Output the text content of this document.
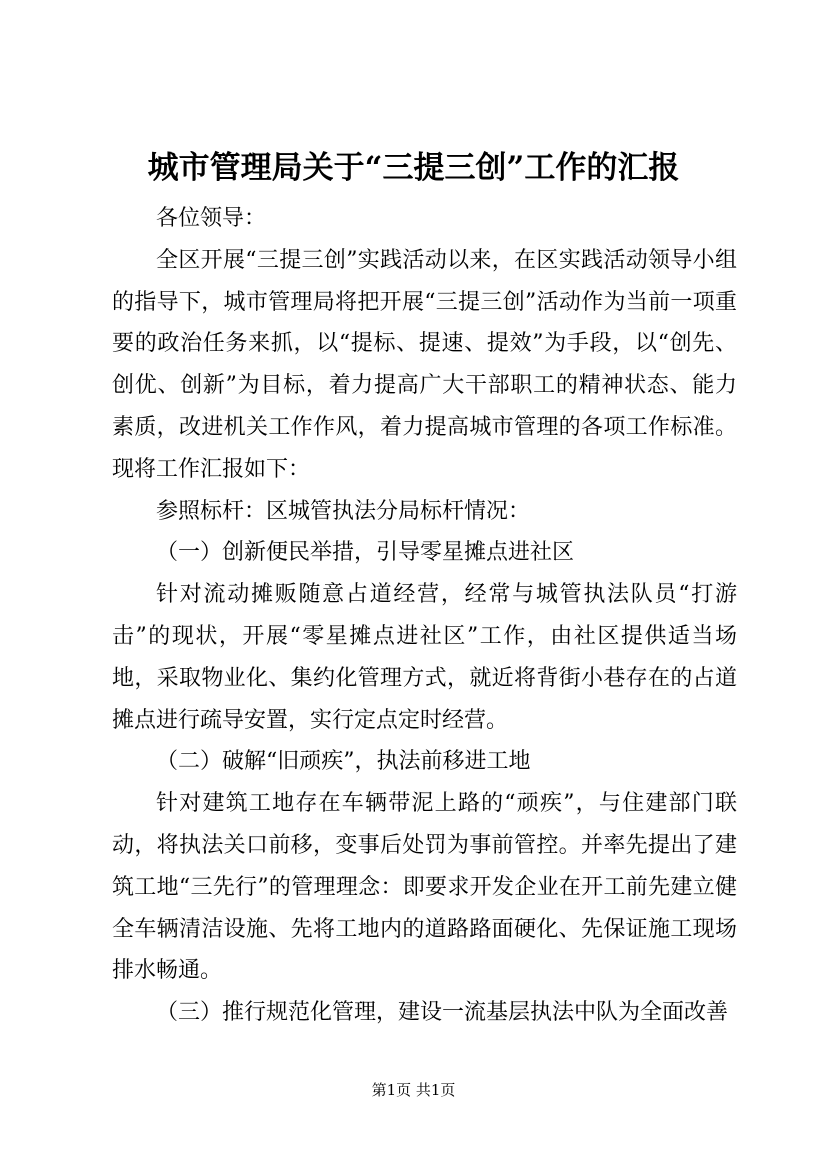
城市管理局关于“三提三创”工作的汇报

各位领导：

全区开展“三提三创”实践活动以来，在区实践活动领导小组的指导下，城市管理局将把开展“三提三创”活动作为当前一项重要的政治任务来抓，以“提标、提速、提效”为手段，以“创先、创优、创新”为目标，着力提高广大干部职工的精神状态、能力素质，改进机关工作作风，着力提高城市管理的各项工作标准。现将工作汇报如下：

参照标杆：区城管执法分局标杆情况：

（一）创新便民举措，引导零星摊点进社区

针对流动摊贩随意占道经营，经常与城管执法队员“打游击”的现状，开展“零星摊点进社区”工作，由社区提供适当场地，采取物业化、集约化管理方式，就近将背街小巷存在的占道摊点进行疏导安置，实行定点定时经营。

（二）破解“旧顽疾”，执法前移进工地

针对建筑工地存在车辆带泥上路的“顽疾”，与住建部门联动，将执法关口前移，变事后处罚为事前管控。并率先提出了建筑工地“三先行”的管理理念：即要求开发企业在开工前先建立健全车辆清洁设施、先将工地内的道路路面硬化、先保证施工现场排水畅通。

（三）推行规范化管理，建设一流基层执法中队为全面改善

第1页 共1页
